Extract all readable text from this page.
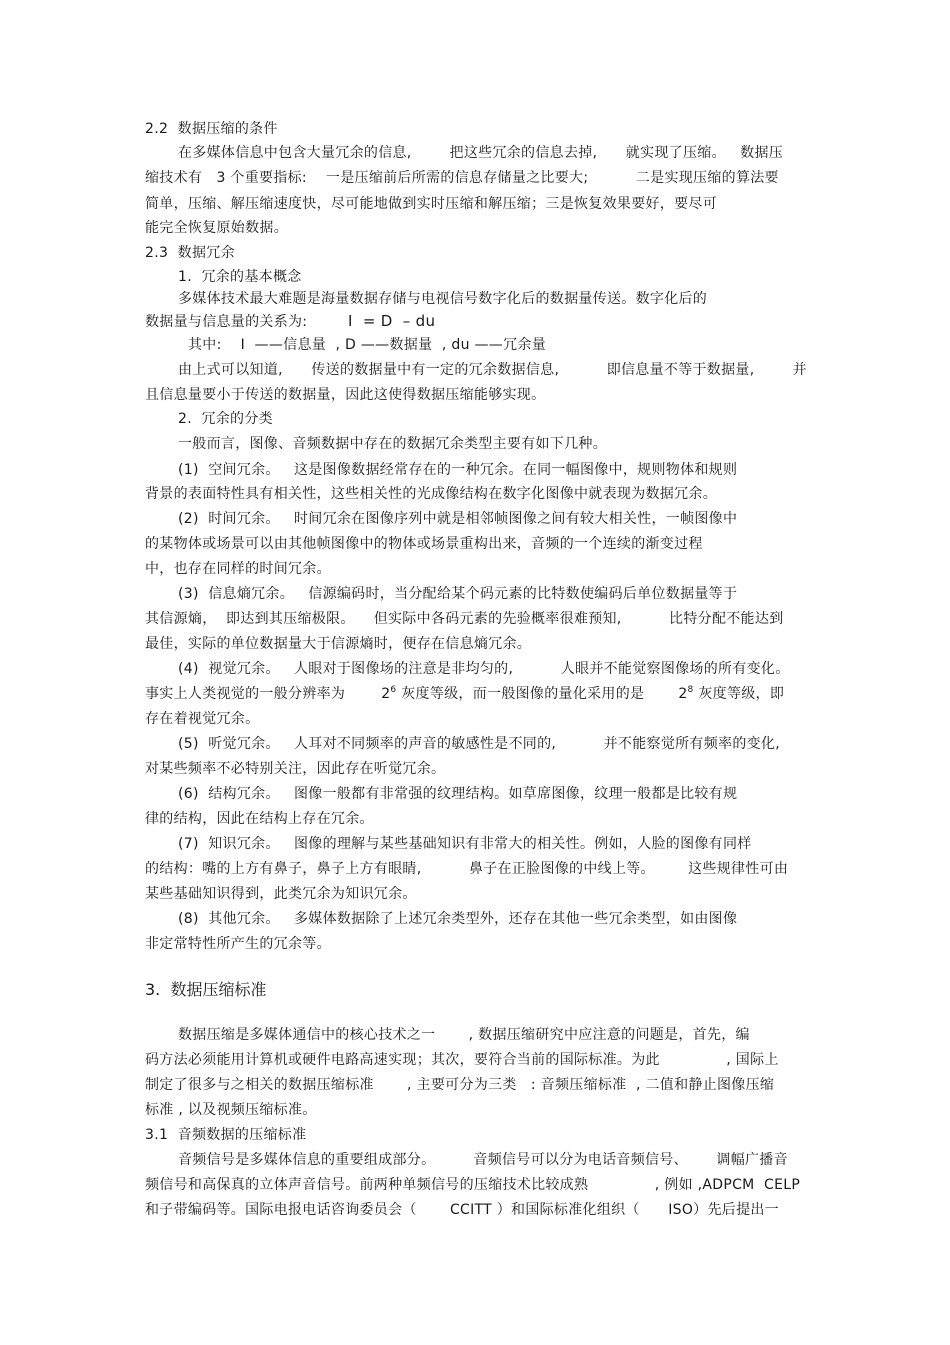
2.2  数据压缩的条件
在多媒体信息中包含大量冗余的信息,        把这些冗余的信息去掉,      就实现了压缩。   数据压
缩技术有   3 个重要指标:    一是压缩前后所需的信息存储量之比要大;          二是实现压缩的算法要
简单，压缩、解压缩速度快，尽可能地做到实时压缩和解压缩；三是恢复效果要好，要尽可
能完全恢复原始数据。
2.3  数据冗余
1.  冗余的基本概念
多媒体技术最大难题是海量数据存储与电视信号数字化后的数据量传送。数字化后的
数据量与信息量的关系为:	I  = D  – du
其中:    I  ——信息量  , D ——数据量  , du ——冗余量
由上式可以知道,      传送的数据量中有一定的冗余数据信息,          即信息量不等于数据量,        并
且信息量要小于传送的数据量，因此这使得数据压缩能够实现。
2.  冗余的分类
一般而言，图像、音频数据中存在的数据冗余类型主要有如下几种。
(1)  空间冗余。   这是图像数据经常存在的一种冗余。在同一幅图像中，规则物体和规则
背景的表面特性具有相关性，这些相关性的光成像结构在数字化图像中就表现为数据冗余。
(2)  时间冗余。   时间冗余在图像序列中就是相邻帧图像之间有较大相关性，一帧图像中
的某物体或场景可以由其他帧图像中的物体或场景重构出来，音频的一个连续的渐变过程
中，也存在同样的时间冗余。
(3)  信息熵冗余。   信源编码时，当分配给某个码元素的比特数使编码后单位数据量等于
其信源熵，  即达到其压缩极限。    但实际中各码元素的先验概率很难预知,          比特分配不能达到
最佳，实际的单位数据量大于信源熵时，便存在信息熵冗余。
(4)  视觉冗余。   人眼对于图像场的注意是非均匀的,          人眼并不能觉察图像场的所有变化。
事实上人类视觉的一般分辨率为	$2^6$ 灰度等级，而一般图像的量化采用的是 $2^8$ 灰度等级，即
存在着视觉冗余。
(5)  听觉冗余。   人耳对不同频率的声音的敏感性是不同的,          并不能察觉所有频率的变化,
对某些频率不必特别关注，因此存在听觉冗余。
(6)  结构冗余。   图像一般都有非常强的纹理结构。如草席图像，纹理一般都是比较有规
律的结构，因此在结构上存在冗余。
(7)  知识冗余。   图像的理解与某些基础知识有非常大的相关性。例如，人脸的图像有同样
的结构：嘴的上方有鼻子，鼻子上方有眼睛,          鼻子在正脸图像的中线上等。       这些规律性可由
某些基础知识得到，此类冗余为知识冗余。
(8)  其他冗余。   多媒体数据除了上述冗余类型外，还存在其他一些冗余类型，如由图像
非定常特性所产生的冗余等。
3.  数据压缩标准
数据压缩是多媒体通信中的核心技术之一       , 数据压缩研究中应注意的问题是，首先，编
码方法必须能用计算机或硬件电路高速实现；其次，要符合当前的国际标准。为此              , 国际上
制定了很多与之相关的数据压缩标准       , 主要可分为三类   : 音频压缩标准  , 二值和静止图像压缩
标准 , 以及视频压缩标准。
3.1  音频数据的压缩标准
音频信号是多媒体信息的重要组成部分。        音频信号可以分为电话音频信号、      调幅广播音
频信号和高保真的立体声音信号。前两种单频信号的压缩技术比较成熟              , 例如 ,ADPCM  CELP
和子带编码等。国际电报电话咨询委员会（       CCITT ）和国际标准化组织（      ISO）先后提出一
